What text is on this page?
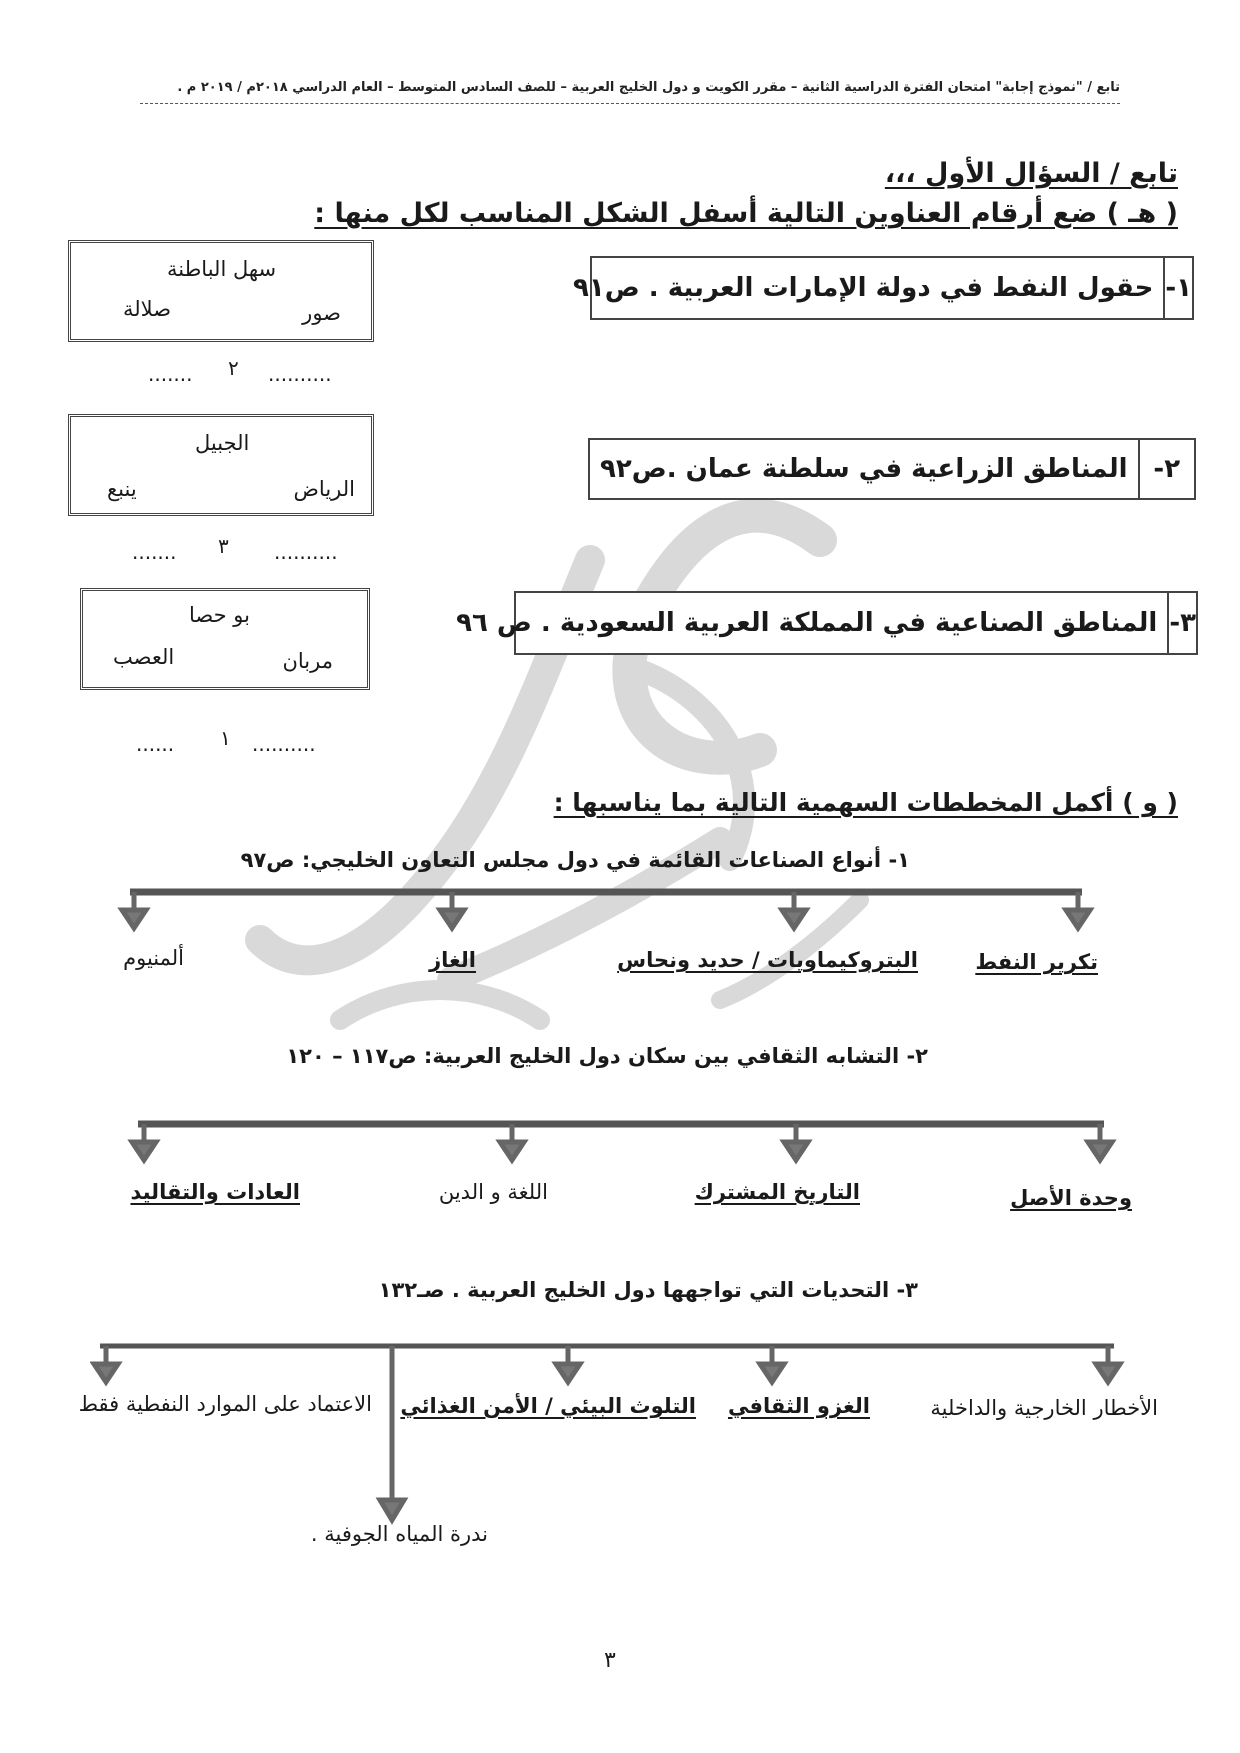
تابع / "نموذج إجابة" امتحان الفترة الدراسية الثانية – مقرر الكويت و دول الخليج العربية – للصف السادس المتوسط – العام الدراسي ٢٠١٨م / ٢٠١٩ م .
تابع / السؤال الأول ،،،
( هـ ) ضع أرقام العناوين التالية أسفل الشكل المناسب لكل منها :
١-
حقول النفط في دولة الإمارات العربية . ص٩١
٢-
المناطق الزراعية في سلطنة عمان .ص٩٢
٣-
المناطق الصناعية في المملكة العربية السعودية . ص ٩٦
سهل الباطنة
صور
صلالة
..........
٢
.......
الجبيل
الرياض
ينبع
..........
٣
.......
بو حصا
مربان
العصب
..........
١
......
( و ) أكمل المخططات السهمية التالية بما يناسبها :
١- أنواع الصناعات القائمة في دول مجلس التعاون الخليجي: ص٩٧
تكرير النفط
البتروكيماويات / حديد ونحاس
الغاز
ألمنيوم
٢- التشابه الثقافي بين سكان دول الخليج العربية: ص١١٧ – ١٢٠
وحدة الأصل
التاريخ المشترك
اللغة و الدين
العادات والتقاليد
٣- التحديات التي تواجهها دول الخليج العربية . صـ١٣٢
الأخطار الخارجية والداخلية
الغزو الثقافي
التلوث البيئي / الأمن الغذائي
الاعتماد على الموارد النفطية فقط
ندرة المياه الجوفية .
٣
